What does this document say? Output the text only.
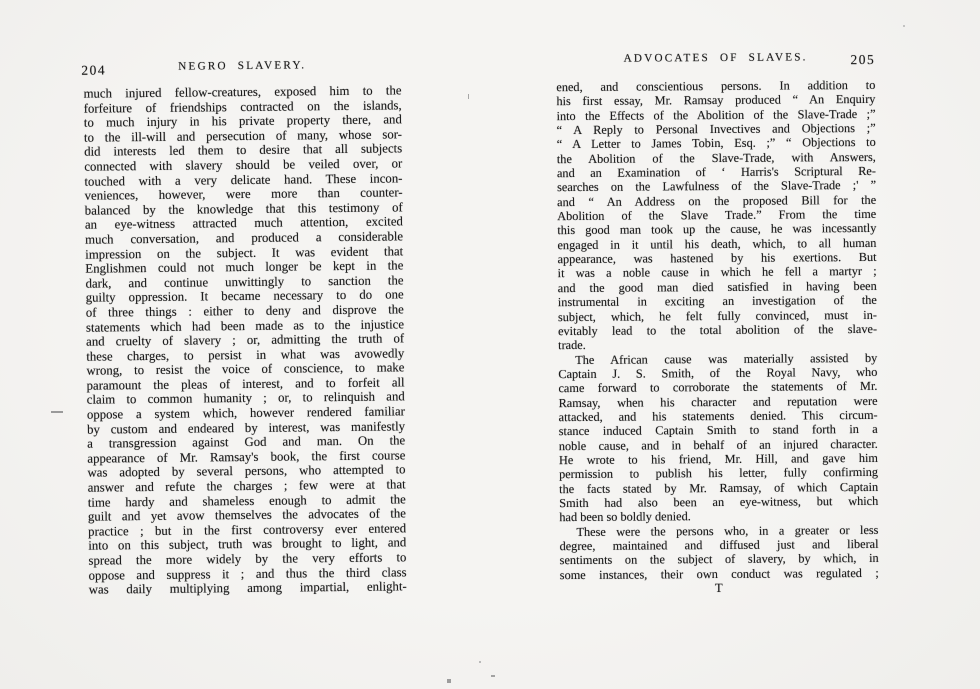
204	NEGRO SLAVERY.
much injured fellow-creatures, exposed him to the
forfeiture of friendships contracted on the islands,
to much injury in his private property there, and
to the ill-will and persecution of many, whose sor-
did interests led them to desire that all subjects
connected with slavery should be veiled over, or
touched with a very delicate hand. These incon-
veniences, however, were more than counter-
balanced by the knowledge that this testimony of
an eye-witness attracted much attention, excited
much conversation, and produced a considerable
impression on the subject. It was evident that
Englishmen could not much longer be kept in the
dark, and continue unwittingly to sanction the
guilty oppression. It became necessary to do one
of three things : either to deny and disprove the
statements which had been made as to the injustice
and cruelty of slavery ; or, admitting the truth of
these charges, to persist in what was avowedly
wrong, to resist the voice of conscience, to make
paramount the pleas of interest, and to forfeit all
claim to common humanity ; or, to relinquish and
oppose a system which, however rendered familiar
by custom and endeared by interest, was manifestly
a transgression against God and man. On the
appearance of Mr. Ramsay's book, the first course
was adopted by several persons, who attempted to
answer and refute the charges ; few were at that
time hardy and shameless enough to admit the
guilt and yet avow themselves the advocates of the
practice ; but in the first controversy ever entered
into on this subject, truth was brought to light, and
spread the more widely by the very efforts to
oppose and suppress it ; and thus the third class
was daily multiplying among impartial, enlight-
ADVOCATES OF SLAVES.	205
ened, and conscientious persons. In addition to
his first essay, Mr. Ramsay produced “ An Enquiry
into the Effects of the Abolition of the Slave-Trade ;”
“ A Reply to Personal Invectives and Objections ;”
“ A Letter to James Tobin, Esq. ;” “ Objections to
the Abolition of the Slave-Trade, with Answers,
and an Examination of ‘ Harris's Scriptural Re-
searches on the Lawfulness of the Slave-Trade ;' ”
and “ An Address on the proposed Bill for the
Abolition of the Slave Trade.” From the time
this good man took up the cause, he was incessantly
engaged in it until his death, which, to all human
appearance, was hastened by his exertions. But
it was a noble cause in which he fell a martyr ;
and the good man died satisfied in having been
instrumental in exciting an investigation of the
subject, which, he felt fully convinced, must in-
evitably lead to the total abolition of the slave-
trade.
The African cause was materially assisted by
Captain J. S. Smith, of the Royal Navy, who
came forward to corroborate the statements of Mr.
Ramsay, when his character and reputation were
attacked, and his statements denied. This circum-
stance induced Captain Smith to stand forth in a
noble cause, and in behalf of an injured character.
He wrote to his friend, Mr. Hill, and gave him
permission to publish his letter, fully confirming
the facts stated by Mr. Ramsay, of which Captain
Smith had also been an eye-witness, but which
had been so boldly denied.
These were the persons who, in a greater or less
degree, maintained and diffused just and liberal
sentiments on the subject of slavery, by which, in
some instances, their own conduct was regulated ;
T
